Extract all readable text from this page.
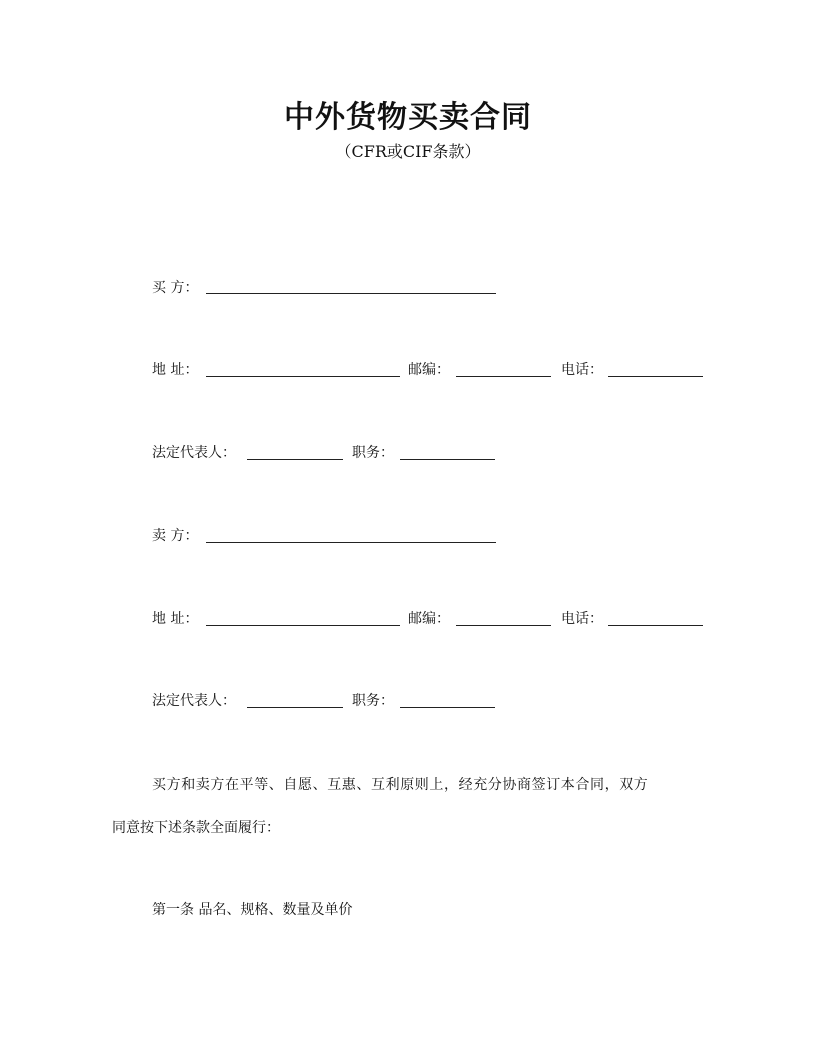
中外货物买卖合同
（CFR或CIF条款）
买 方：
地 址：	邮编：	电话：
法定代表人：	职务：
卖 方：
地 址：	邮编：	电话：
法定代表人：	职务：
买方和卖方在平等、自愿、互惠、互利原则上，经充分协商签订本合同，双方
同意按下述条款全面履行：
第一条 品名、规格、数量及单价
